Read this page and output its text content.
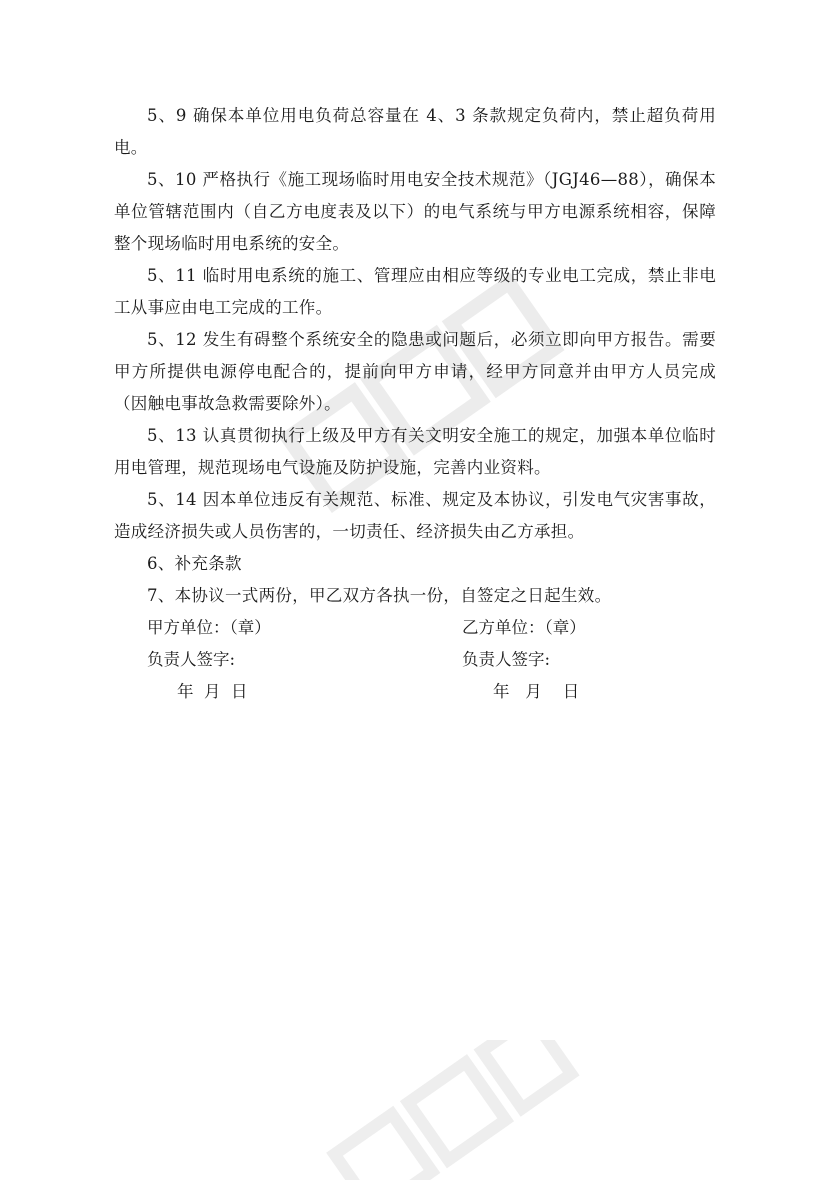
5、9 确保本单位用电负荷总容量在 4、3 条款规定负荷内，禁止超负荷用电。

5、10 严格执行《施工现场临时用电安全技术规范》（JGJ46—88），确保本单位管辖范围内（自乙方电度表及以下）的电气系统与甲方电源系统相容，保障整个现场临时用电系统的安全。

5、11 临时用电系统的施工、管理应由相应等级的专业电工完成，禁止非电工从事应由电工完成的工作。

5、12 发生有碍整个系统安全的隐患或问题后，必须立即向甲方报告。需要甲方所提供电源停电配合的，提前向甲方申请，经甲方同意并由甲方人员完成（因触电事故急救需要除外）。

5、13 认真贯彻执行上级及甲方有关文明安全施工的规定，加强本单位临时用电管理，规范现场电气设施及防护设施，完善内业资料。

5、14 因本单位违反有关规范、标准、规定及本协议，引发电气灾害事故，造成经济损失或人员伤害的，一切责任、经济损失由乙方承担。

6、补充条款

7、本协议一式两份，甲乙双方各执一份，自签定之日起生效。

甲方单位：（章）	乙方单位：（章）
负责人签字:	负责人签字:
年  月  日	年   月    日
